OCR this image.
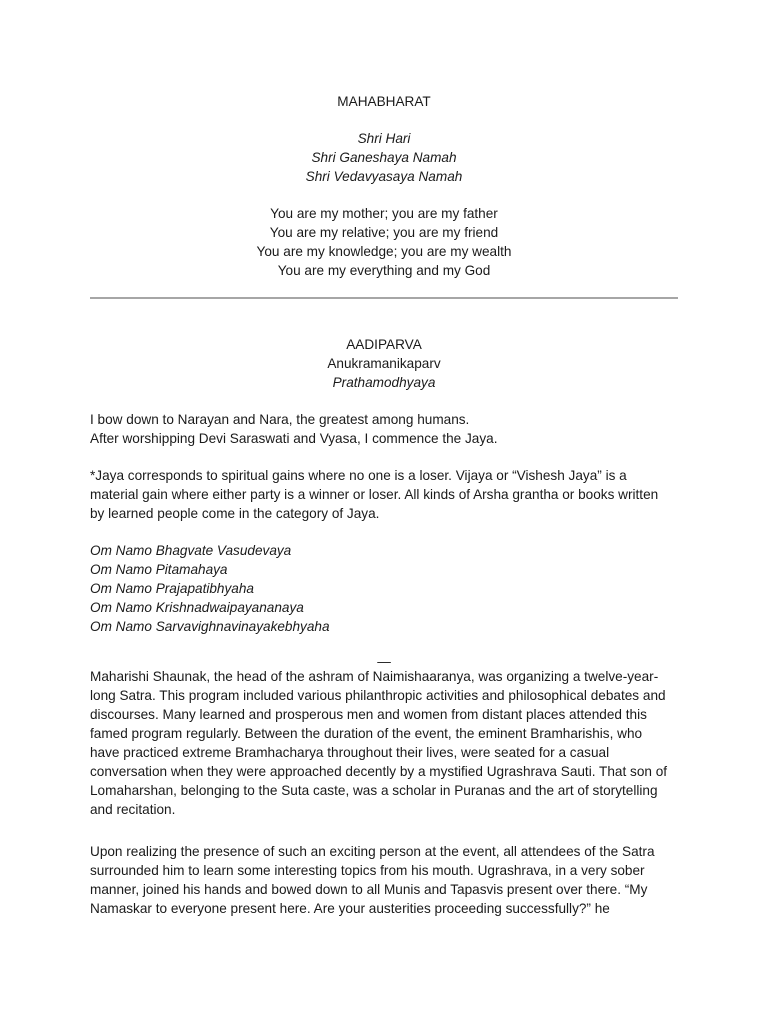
MAHABHARAT
Shri Hari
Shri Ganeshaya Namah
Shri Vedavyasaya Namah
You are my mother; you are my father
You are my relative; you are my friend
You are my knowledge; you are my wealth
You are my everything and my God
AADIPARVA
Anukramanikaparv
Prathamodhyaya
I bow down to Narayan and Nara, the greatest among humans.
After worshipping Devi Saraswati and Vyasa, I commence the Jaya.
*Jaya corresponds to spiritual gains where no one is a loser. Vijaya or “Vishesh Jaya” is a
material gain where either party is a winner or loser. All kinds of Arsha grantha or books written
by learned people come in the category of Jaya.
Om Namo Bhagvate Vasudevaya
Om Namo Pitamahaya
Om Namo Prajapatibhyaha
Om Namo Krishnadwaipayananaya
Om Namo Sarvavighnavinayakebhyaha
—
Maharishi Shaunak, the head of the ashram of Naimishaaranya, was organizing a twelve-year-
long Satra. This program included various philanthropic activities and philosophical debates and
discourses. Many learned and prosperous men and women from distant places attended this
famed program regularly. Between the duration of the event, the eminent Bramharishis, who
have practiced extreme Bramhacharya throughout their lives, were seated for a casual
conversation when they were approached decently by a mystified Ugrashrava Sauti. That son of
Lomaharshan, belonging to the Suta caste, was a scholar in Puranas and the art of storytelling
and recitation.
Upon realizing the presence of such an exciting person at the event, all attendees of the Satra
surrounded him to learn some interesting topics from his mouth. Ugrashrava, in a very sober
manner, joined his hands and bowed down to all Munis and Tapasvis present over there. “My
Namaskar to everyone present here. Are your austerities proceeding successfully?” he
